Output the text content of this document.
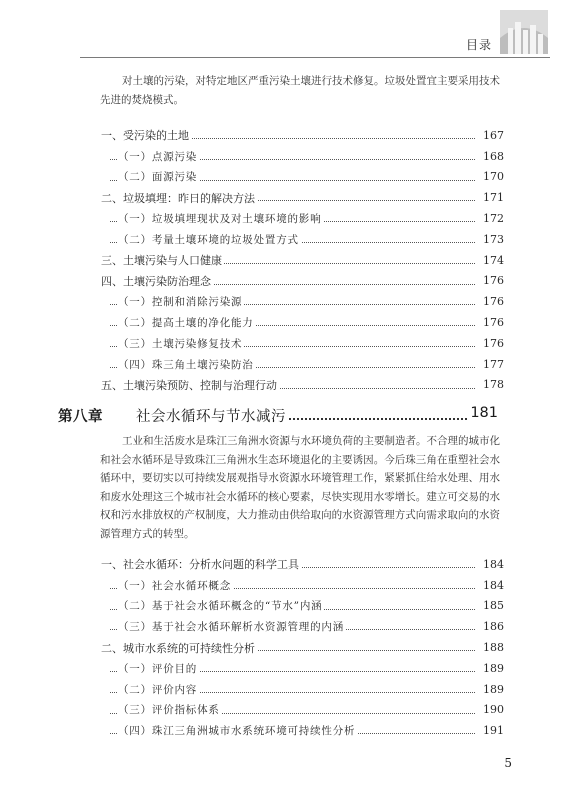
目录
对土壤的污染，对特定地区严重污染土壤进行技术修复。垃圾处置宜主要采用技术先进的焚烧模式。
一、受污染的土地	167
（一）点源污染	168
（二）面源污染	170
二、垃圾填埋：昨日的解决方法	171
（一）垃圾填埋现状及对土壤环境的影响	172
（二）考量土壤环境的垃圾处置方式	173
三、土壤污染与人口健康	174
四、土壤污染防治理念	176
（一）控制和消除污染源	176
（二）提高土壤的净化能力	176
（三）土壤污染修复技术	176
（四）珠三角土壤污染防治	177
五、土壤污染预防、控制与治理行动	178
第八章	社会水循环与节水减污	181
工业和生活废水是珠江三角洲水资源与水环境负荷的主要制造者。不合理的城市化和社会水循环是导致珠江三角洲水生态环境退化的主要诱因。今后珠三角在重塑社会水循环中，要切实以可持续发展观指导水资源水环境管理工作，紧紧抓住给水处理、用水和废水处理这三个城市社会水循环的核心要素，尽快实现用水零增长。建立可交易的水权和污水排放权的产权制度，大力推动由供给取向的水资源管理方式向需求取向的水资源管理方式的转型。
一、社会水循环：分析水问题的科学工具	184
（一）社会水循环概念	184
（二）基于社会水循环概念的“节水”内涵	185
（三）基于社会水循环解析水资源管理的内涵	186
二、城市水系统的可持续性分析	188
（一）评价目的	189
（二）评价内容	189
（三）评价指标体系	190
（四）珠江三角洲城市水系统环境可持续性分析	191
5
